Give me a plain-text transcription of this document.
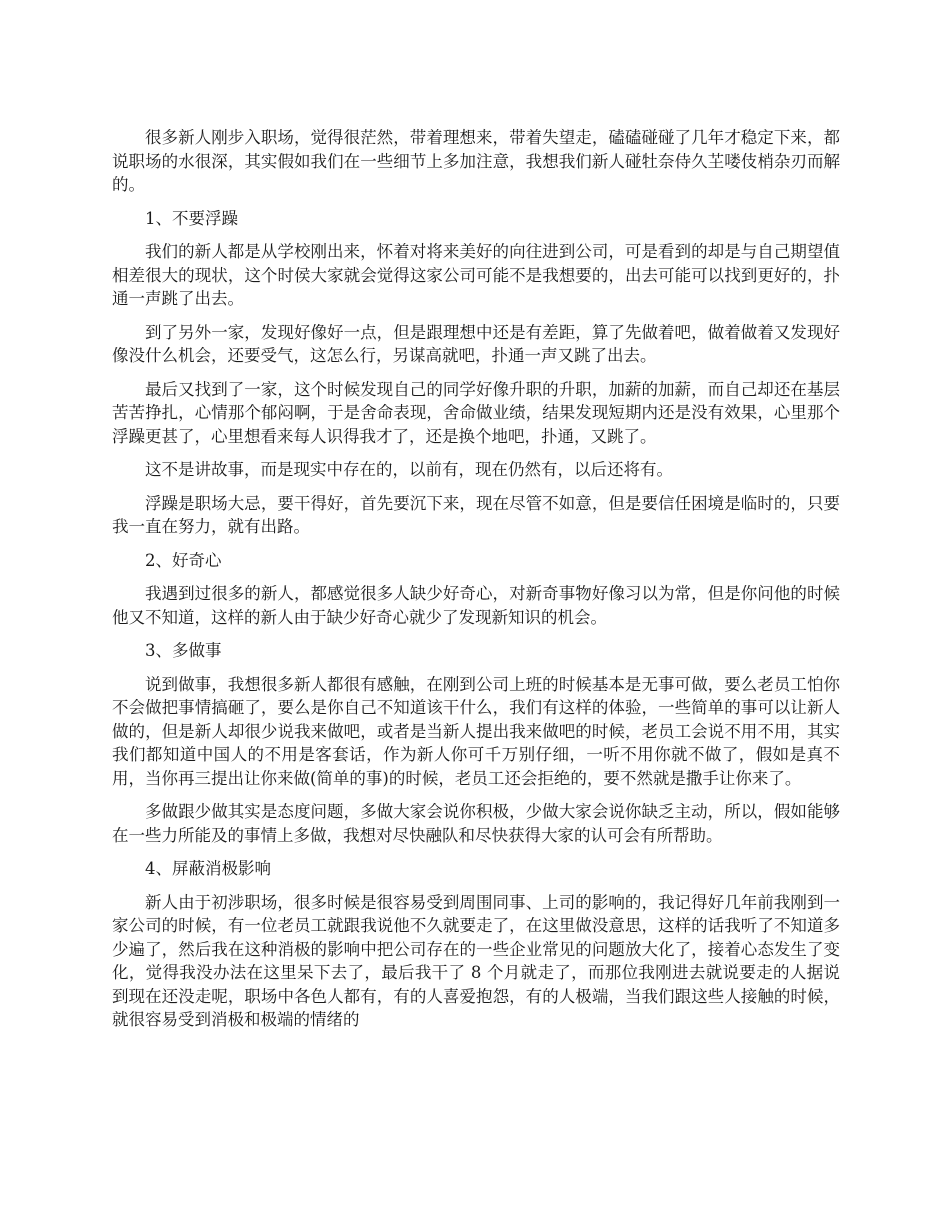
很多新人刚步入职场，觉得很茫然，带着理想来，带着失望走，磕磕碰碰了几年才稳定下来，都说职场的水很深，其实假如我们在一些细节上多加注意，我想我们新人碰牡奈侍久芏喽伎梢杂刃而解的。

1、不要浮躁

我们的新人都是从学校刚出来，怀着对将来美好的向往进到公司，可是看到的却是与自己期望值相差很大的现状，这个时侯大家就会觉得这家公司可能不是我想要的，出去可能可以找到更好的，扑通一声跳了出去。

到了另外一家，发现好像好一点，但是跟理想中还是有差距，算了先做着吧，做着做着又发现好像没什么机会，还要受气，这怎么行，另谋高就吧，扑通一声又跳了出去。

最后又找到了一家，这个时候发现自己的同学好像升职的升职，加薪的加薪，而自己却还在基层苦苦挣扎，心情那个郁闷啊，于是舍命表现，舍命做业绩，结果发现短期内还是没有效果，心里那个浮躁更甚了，心里想看来每人识得我才了，还是换个地吧，扑通，又跳了。

这不是讲故事，而是现实中存在的，以前有，现在仍然有，以后还将有。

浮躁是职场大忌，要干得好，首先要沉下来，现在尽管不如意，但是要信任困境是临时的，只要我一直在努力，就有出路。

2、好奇心

我遇到过很多的新人，都感觉很多人缺少好奇心，对新奇事物好像习以为常，但是你问他的时候他又不知道，这样的新人由于缺少好奇心就少了发现新知识的机会。

3、多做事

说到做事，我想很多新人都很有感触，在刚到公司上班的时候基本是无事可做，要么老员工怕你不会做把事情搞砸了，要么是你自己不知道该干什么，我们有这样的体验，一些简单的事可以让新人做的，但是新人却很少说我来做吧，或者是当新人提出我来做吧的时候，老员工会说不用不用，其实我们都知道中国人的不用是客套话，作为新人你可千万别仔细，一听不用你就不做了，假如是真不用，当你再三提出让你来做(简单的事)的时候，老员工还会拒绝的，要不然就是撒手让你来了。

多做跟少做其实是态度问题，多做大家会说你积极，少做大家会说你缺乏主动，所以，假如能够在一些力所能及的事情上多做，我想对尽快融队和尽快获得大家的认可会有所帮助。

4、屏蔽消极影响

新人由于初涉职场，很多时候是很容易受到周围同事、上司的影响的，我记得好几年前我刚到一家公司的时候，有一位老员工就跟我说他不久就要走了，在这里做没意思，这样的话我听了不知道多少遍了，然后我在这种消极的影响中把公司存在的一些企业常见的问题放大化了，接着心态发生了变化，觉得我没办法在这里呆下去了，最后我干了 8 个月就走了，而那位我刚进去就说要走的人据说到现在还没走呢，职场中各色人都有，有的人喜爱抱怨，有的人极端，当我们跟这些人接触的时候，就很容易受到消极和极端的情绪的
